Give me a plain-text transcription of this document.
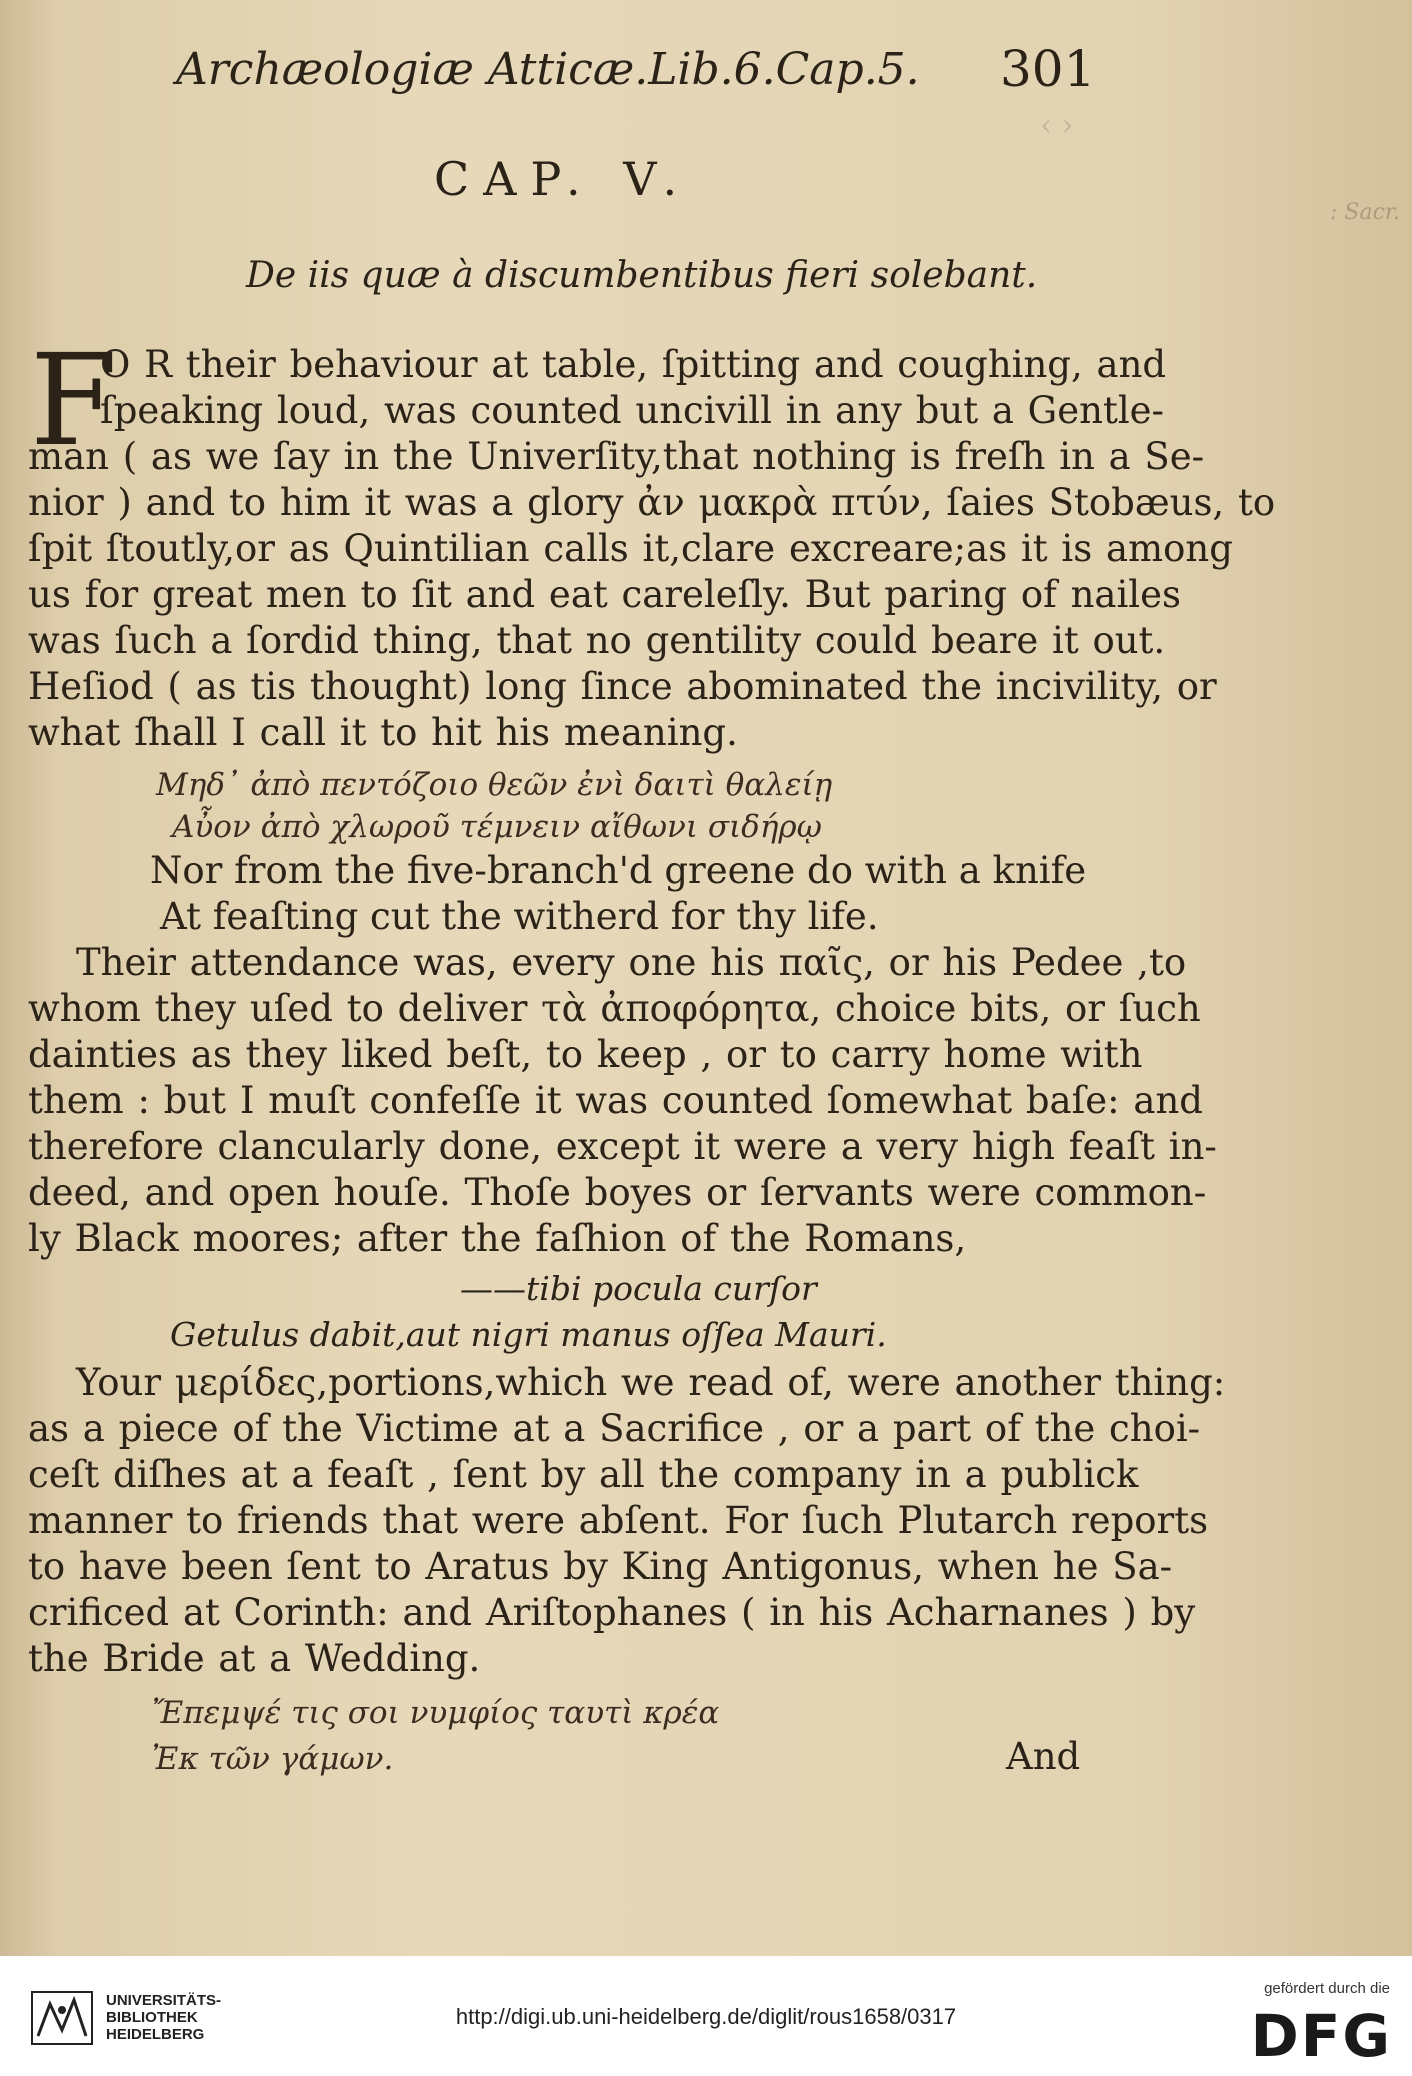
‹ ›
: Sacr.
Archæologiæ Atticæ.Lib.6.Cap.5. 301
CAP. V.
De iis quæ à discumbentibus fieri solebant.
F
O R their behaviour at table, ſpitting and coughing, and
ſpeaking loud, was counted uncivill in any but a Gentle-
man ( as we ſay in the Univerſity,that nothing is freſh in a Se-
nior ) and to him it was a glory ἀν μακρὰ πτύν, ſaies Stobæus, to
ſpit ſtoutly,or as Quintilian calls it,clare excreare;as it is among
us for great men to ſit and eat careleſly. But paring of nailes
was ſuch a ſordid thing, that no gentility could beare it out.
Heſiod ( as tis thought) long ſince abominated the incivility, or
what ſhall I call it to hit his meaning.
Μηδ᾽ ἀπὸ πεντόζοιο θεῶν ἐνὶ δαιτὶ θαλείῃ
Αὖον ἀπὸ χλωροῦ τέμνειν αἴθωνι σιδήρῳ
Nor from the five-branch'd greene do with a knife
At feaſting cut the witherd for thy life.
Their attendance was, every one his παῖς, or his Pedee ,to
whom they uſed to deliver τὰ ἀποφόρητα, choice bits, or ſuch
dainties as they liked beſt, to keep , or to carry home with
them : but I muſt confeſſe it was counted ſomewhat baſe: and
therefore clancularly done, except it were a very high feaſt in-
deed, and open houſe. Thoſe boyes or ſervants were common-
ly Black moores; after the faſhion of the Romans,
——tibi pocula curſor
Getulus dabit,aut nigri manus oſſea Mauri.
Your μερίδες,portions,which we read of, were another thing:
as a piece of the Victime at a Sacrifice , or a part of the choi-
ceſt diſhes at a feaſt , ſent by all the company in a publick
manner to friends that were abſent. For ſuch Plutarch reports
to have been ſent to Aratus by King Antigonus, when he Sa-
crificed at Corinth: and Ariſtophanes ( in his Acharnanes ) by
the Bride at a Wedding.
Ἔπεμψέ τις σοι νυμφίος ταυτὶ κρέα
Ἐκ τῶν γάμων.	And
UNIVERSITÄTS-
BIBLIOTHEK
HEIDELBERG
http://digi.ub.uni-heidelberg.de/diglit/rous1658/0317
gefördert durch die
DFG
